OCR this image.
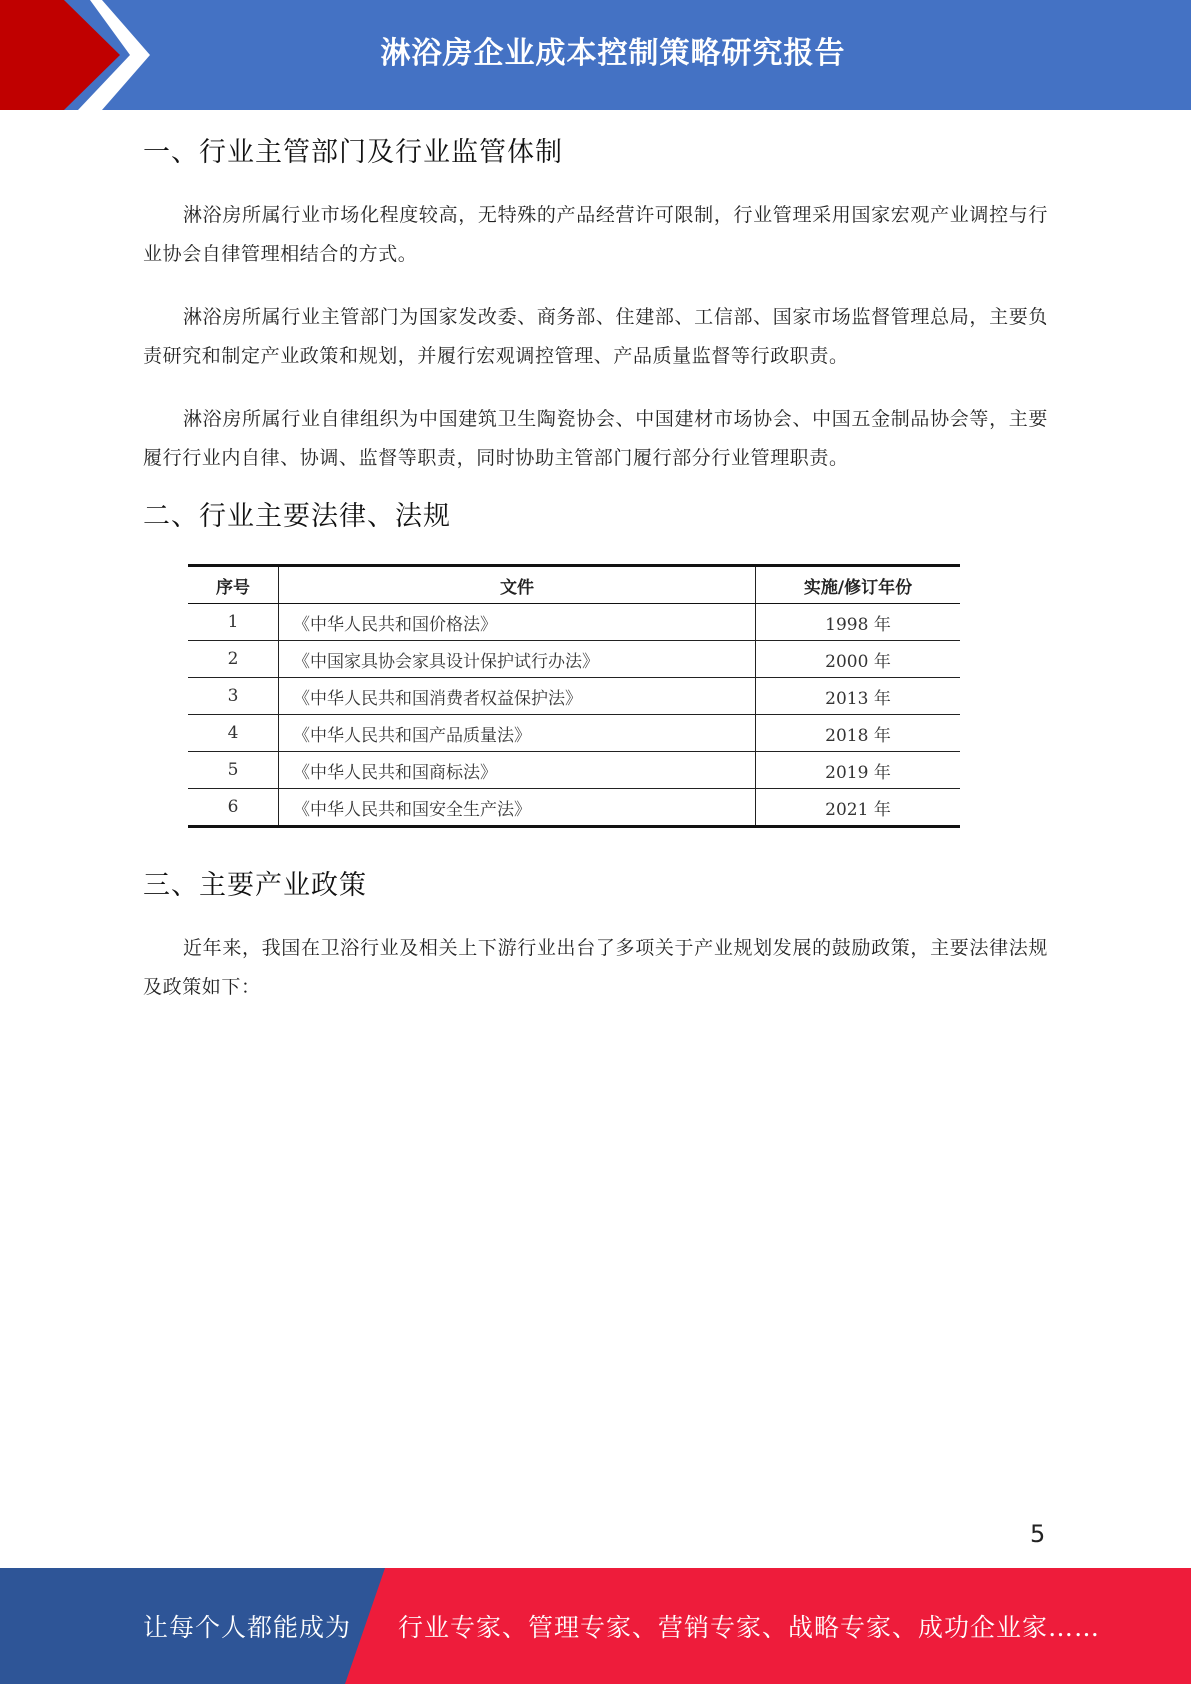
淋浴房企业成本控制策略研究报告
一、行业主管部门及行业监管体制

淋浴房所属行业市场化程度较高，无特殊的产品经营许可限制，行业管理采用国家宏观产业调控与行业协会自律管理相结合的方式。

淋浴房所属行业主管部门为国家发改委、商务部、住建部、工信部、国家市场监督管理总局，主要负责研究和制定产业政策和规划，并履行宏观调控管理、产品质量监督等行政职责。

淋浴房所属行业自律组织为中国建筑卫生陶瓷协会、中国建材市场协会、中国五金制品协会等，主要履行行业内自律、协调、监督等职责，同时协助主管部门履行部分行业管理职责。

二、行业主要法律、法规
序号	文件	实施/修订年份
1	《中华人民共和国价格法》	1998 年
2	《中国家具协会家具设计保护试行办法》	2000 年
3	《中华人民共和国消费者权益保护法》	2013 年
4	《中华人民共和国产品质量法》	2018 年
5	《中华人民共和国商标法》	2019 年
6	《中华人民共和国安全生产法》	2021 年
三、主要产业政策

近年来，我国在卫浴行业及相关上下游行业出台了多项关于产业规划发展的鼓励政策，主要法律法规及政策如下：

5
让每个人都能成为 行业专家、管理专家、营销专家、战略专家、成功企业家……
